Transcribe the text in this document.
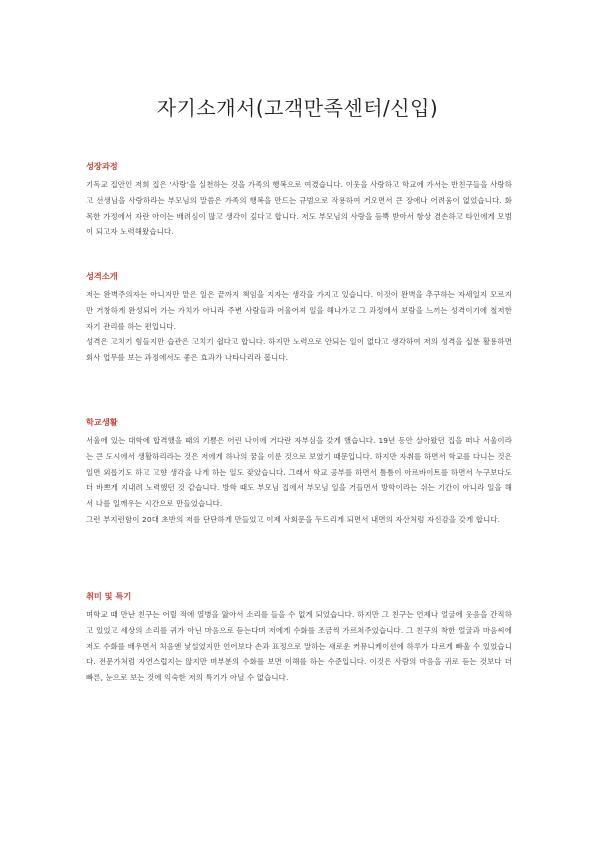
자기소개서(고객만족센터/신입)
성장과정

기독교 집안인 저희 집은 ‘사랑’을 실천하는 것을 가족의 행복으로 여겼습니다. 이웃을 사랑하고 학교에 가서는 반친구들을 사랑하고 선생님을 사랑하라는 부모님의 말씀은 가족의 행복을 만드는 규범으로 작용하여 거오면서 큰 장애나 어려움이 없었습니다. 화목한 가정에서 자란 아이는 배려심이 많고 생각이 깊다고 합니다. 저도 부모님의 사랑을 듬뿍 받아서 항상 겸손하고 타인에게 모범이 되고자 노력해왔습니다.

성격소개

저는 완벽주의자는 아니지만 맡은 일은 끝까지 책임을 지자는 생각을 가지고 있습니다. 이것이 완벽을 추구하는 자세일지 모르지만 거창하게 완성되어 가는 가치가 아니라 주변 사람들과 어울어져 일을 해나가고 그 과정에서 보람을 느끼는 성격이기에 철저한 자기 관리를 하는 편입니다.

성격은 고치기 힘들지만 습관은 고치기 쉽다고 합니다. 하지만 노력으로 안되는 일이 없다고 생각하여 저의 성격을 십분 활용하면 회사 업무를 보는 과정에서도 좋은 효과가 나타나리라 봅니다.

학교생활

서울에 있는 대학에 합격했을 때의 기쁨은 어린 나이에 거다란 자부심을 갖게 했습니다. 19년 동안 살아왔던 집을 떠나 서울이라는 큰 도시에서 생활하리라는 것은 저에게 하나의 꿈을 이룬 것으로 보였기 때문입니다. 하지만 자취를 하면서 학교를 다니는 것은 일면 외롭기도 하고 고향 생각을 나게 하는 일도 잦았습니다. 그래서 학교 공부를 하면서 틈틈이 아르바이트를 하면서 누구보다도 더 바쁘게 지내려 노력했던 것 같습니다. 방학 때도 부모님 집에서 부모님 일을 거들면서 방학이라는 쉬는 기간이 아니라 일을 해서 나를 일깨우는 시간으로 만들었습니다.

그런 부지런함이 20대 초반의 저를 단단하게 만들었고 이제 사회문을 두드리게 되면서 내면의 자산처럼 자신감을 갖게 합니다.

취미 및 특기

며학교 때 만난 친구는 어릴 적에 열병을 앓아서 소리를 들을 수 없게 되었습니다. 하지만 그 친구는 언제나 얼굴에 웃음을 간직하고 있었고 세상의 소리를 귀가 아닌 마음으로 듣는다며 저에게 수화를 조금씩 가르쳐주었습니다. 그 친구의 착한 얼굴과 마음씨에 저도 수화를 배우면서 처음엔 낯설었지만 언어보다 손과 표정으로 말하는 새로운 커뮤니케이션에 하루가 다르게 빠울 수 있었습니다. 전문가처럼 자연스럽지는 않지만 며부분의 수화를 보면 이해를 하는 수준입니다. 이것은 사람의 마음을 귀로 듣는 것보다 더 빠른, 눈으로 보는 것에 익숙한 저의 특기가 아닐 수 없습니다.
